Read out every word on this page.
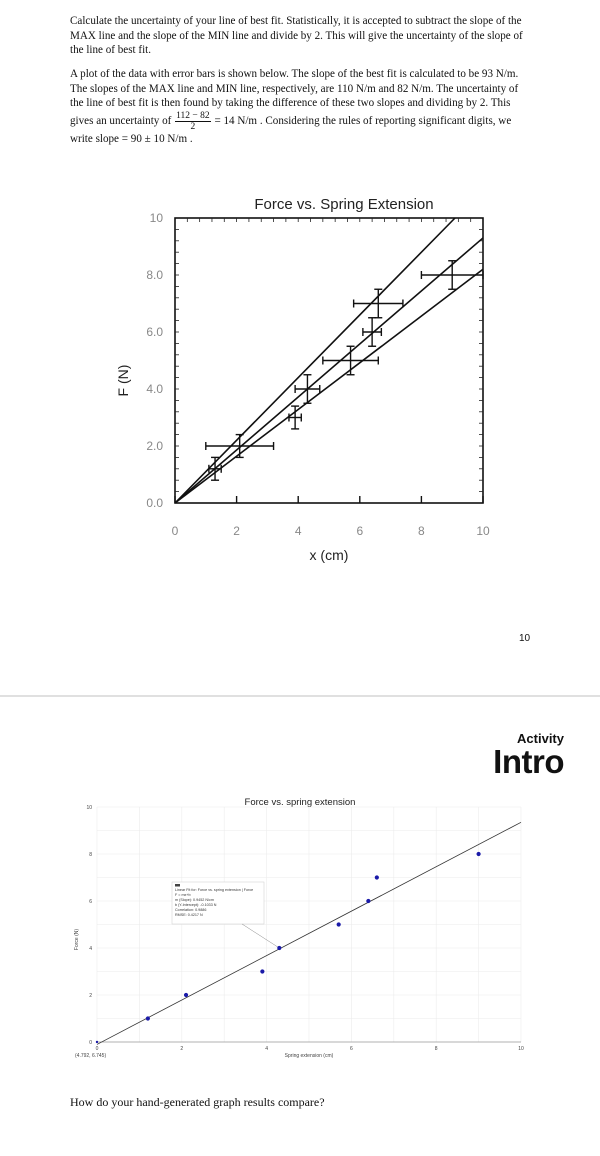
Calculate the uncertainty of your line of best fit. Statistically, it is accepted to subtract the slope of the MAX line and the slope of the MIN line and divide by 2. This will give the uncertainty of the slope of the line of best fit.

A plot of the data with error bars is shown below. The slope of the best fit is calculated to be 93 N/m. The slopes of the MAX line and MIN line, respectively, are 110 N/m and 82 N/m. The uncertainty of the line of best fit is then found by taking the difference of these two slopes and dividing by 2. This gives an uncertainty of $\frac{112 - 82}{2} = 14$ N/m . Considering the rules of reporting significant digits, we write slope = 90 ± 10 N/m .

Force vs. Spring Extension
0.0
2.0
4.0
6.0
8.0
10
0	2	4	6	8	10
x (cm)
F (N)
10
Activity
Intro
Force vs. spring extension
0	2	4	6	8	10
0
2
4
6
8
10
Spring extension (cm)
Force (N)
(4.792, 6.745)
Linear Fit for: Force vs. spring extension | Force
F = mx+b
m (Slope): 0.9452 N/cm
b (Y-Intercept): -0.1033 N
Correlation: 0.9886
RMSE: 0.4217 N
How do your hand-generated graph results compare?
